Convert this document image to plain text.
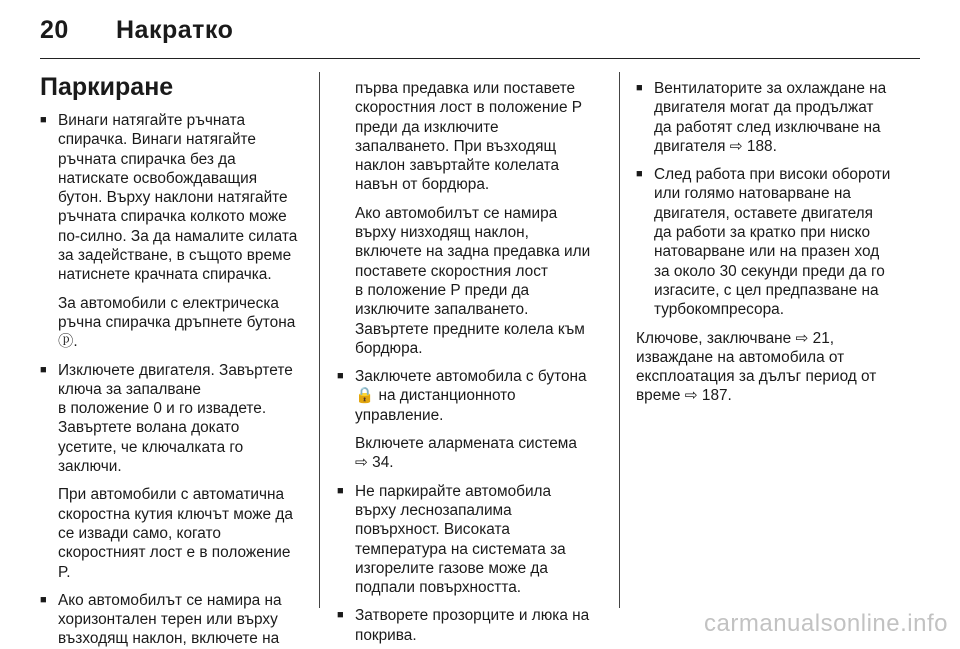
20 Накратко
Паркиране
■ Винаги натягайте ръчната
спирачка. Винаги натягайте
ръчната спирачка без да
натискате освобождаващия
бутон. Върху наклони натягайте
ръчната спирачка колкото може
по-силно. За да намалите силата
за задействане, в същото време
натиснете крачната спирачка.
За автомобили с електрическа
ръчна спирачка дръпнете бутона
ⓟ.
■ Изключете двигателя. Завъртете
ключа за запалване
в положение 0 и го извадете.
Завъртете волана докато
усетите, че ключалката го
заключи.
При автомобили с автоматична
скоростна кутия ключът може да
се извади само, когато
скоростният лост е в положение
P.
■ Ако автомобилът се намира на
хоризонтален терен или върху
възходящ наклон, включете на
първа предавка или поставете
скоростния лост в положение P
преди да изключите
запалването. При възходящ
наклон завъртайте колелата
навън от бордюра.
Ако автомобилът се намира
върху низходящ наклон,
включете на задна предавка или
поставете скоростния лост
в положение P преди да
изключите запалването.
Завъртете предните колела към
бордюра.
■ Заключете автомобила с бутона
🔒 на дистанционното
управление.
Включете алармената система
⇨ 34.
■ Не паркирайте автомобила
върху леснозапалима
повърхност. Високата
температура на системата за
изгорелите газове може да
подпали повърхността.
■ Затворете прозорците и люка на
покрива.
■ Вентилаторите за охлаждане на
двигателя могат да продължат
да работят след изключване на
двигателя ⇨ 188.
■ След работа при високи обороти
или голямо натоварване на
двигателя, оставете двигателя
да работи за кратко при ниско
натоварване или на празен ход
за около 30 секунди преди да го
изгасите, с цел предпазване на
турбокомпресора.
Ключове, заключване ⇨ 21,
изваждане на автомобила от
експлоатация за дълъг период от
време ⇨ 187.
carmanualsonline.info
